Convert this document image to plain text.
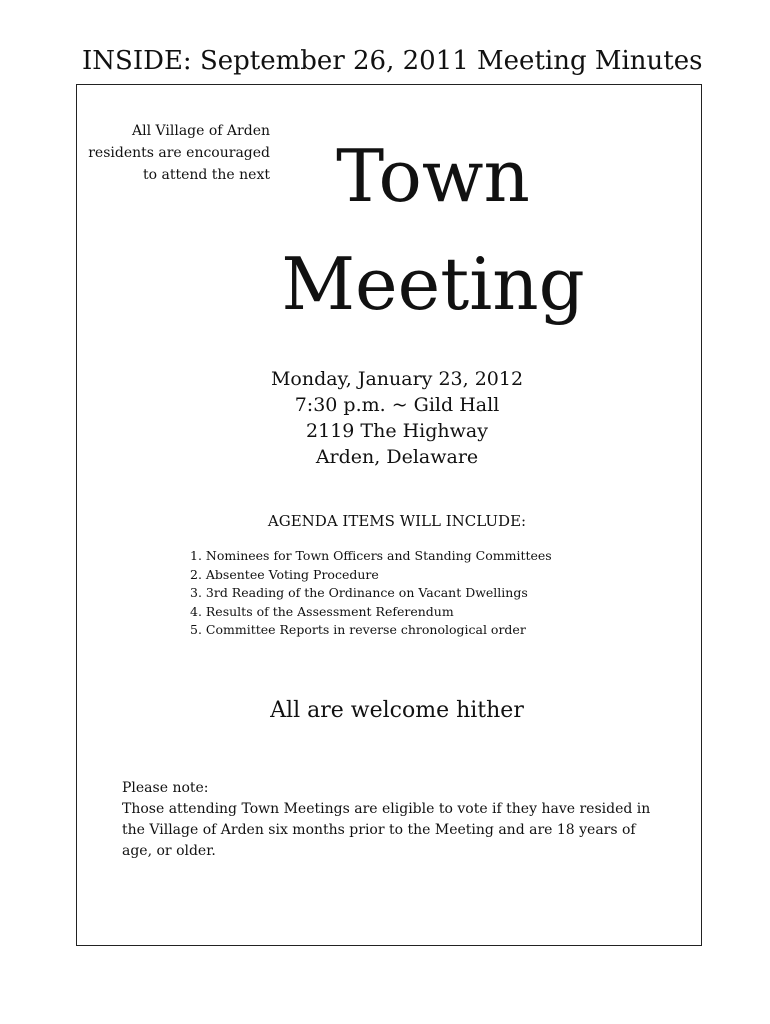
INSIDE: September 26, 2011 Meeting Minutes
All Village of Arden
residents are encouraged
to attend the next Town
Meeting
Monday, January 23, 2012
7:30 p.m. ~ Gild Hall
2119 The Highway
Arden, Delaware
AGENDA ITEMS WILL INCLUDE:
1. Nominees for Town Officers and Standing Committees
2. Absentee Voting Procedure
3. 3rd Reading of the Ordinance on Vacant Dwellings
4. Results of the Assessment Referendum
5. Committee Reports in reverse chronological order
All are welcome hither

Please note:

Those attending Town Meetings are eligible to vote if they have resided in the Village of Arden six months prior to the Meeting and are 18 years of age, or older.
